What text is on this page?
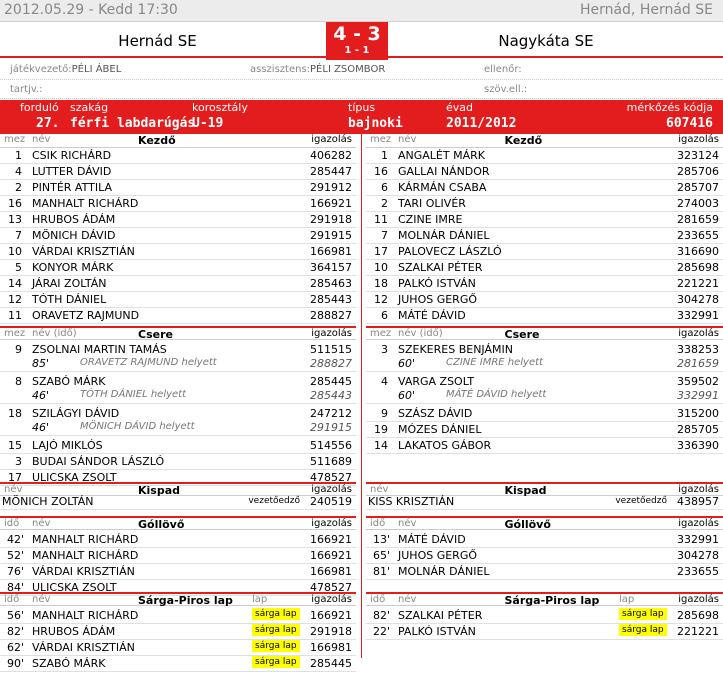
2012.05.29 - Kedd 17:30	Hernád, Hernád SE
Hernád SE	Nagykáta SE
4 - 3
1 - 1
játékvezető:PÉLI ÁBEL	asszisztens:PÉLI ZSOMBOR	ellenőr:
tartjv.:	szöv.ell.:
forduló
27.
szakág
férfi labdarúgás
korosztály
U-19
típus
bajnoki
évad
2011/2012
mérkőzés kódja
607416
mez név	Kezdő	igazolás
1 CSIK RICHÁRD	406282
4 LUTTER DÁVID	285447
2 PINTÉR ATTILA	291912
16 MANHALT RICHÁRD	166921
13 HRUBOS ÁDÁM	291918
7 MÖNICH DÁVID	291915
10 VÁRDAI KRISZTIÁN	166981
5 KONYOR MÁRK	364157
14 JÁRAI ZOLTÁN	285463
12 TÓTH DÁNIEL	285443
11 ORAVETZ RAJMUND	288827
mez név (idő)	Csere	igazolás
9 ZSOLNAI MARTIN TAMÁS	511515
85'	ORAVETZ RAJMUND helyett	288827
8 SZABÓ MÁRK	285445
46'	TÓTH DÁNIEL helyett	285443
18 SZILÁGYI DÁVID	247212
46'	MÖNICH DÁVID helyett	291915
15 LAJÓ MIKLÓS	514556
3 BUDAI SÁNDOR LÁSZLÓ	511689
17 ULICSKA ZSOLT	478527
név	Kispad	igazolás
MÖNICH ZOLTÁN	vezetőedző 240519
idő név	Góllövő	igazolás
42' MANHALT RICHÁRD	166921
52' MANHALT RICHÁRD	166921
76' VÁRDAI KRISZTIÁN	166981
84' ULICSKA ZSOLT	478527
idő név	Sárga-Piros lap lap	igazolás
56' MANHALT RICHÁRD	sárga lap 166921
82' HRUBOS ÁDÁM	sárga lap 291918
62' VÁRDAI KRISZTIÁN	sárga lap 166981
90' SZABÓ MÁRK	sárga lap 285445
mez név	Kezdő	igazolás
1 ANGALÉT MÁRK	323124
16 GALLAI NÁNDOR	285706
6 KÁRMÁN CSABA	285707
2 TARI OLIVÉR	274003
11 CZINE IMRE	281659
7 MOLNÁR DÁNIEL	233655
17 PALOVECZ LÁSZLÓ	316690
10 SZALKAI PÉTER	285698
18 PALKÓ ISTVÁN	221221
12 JUHOS GERGŐ	304278
6 MÁTÉ DÁVID	332991
mez név (idő)	Csere	igazolás
3 SZEKERES BENJÁMIN	338253
60'	CZINE IMRE helyett	281659
4 VARGA ZSOLT	359502
60'	MÁTÉ DÁVID helyett	332991
9 SZÁSZ DÁVID	315200
19 MÓZES DÁNIEL	285705
14 LAKATOS GÁBOR	336390
név	Kispad	igazolás
KISS KRISZTIÁN	vezetőedző 438957
idő név	Góllövő	igazolás
13' MÁTÉ DÁVID	332991
65' JUHOS GERGŐ	304278
81' MOLNÁR DÁNIEL	233655
idő név	Sárga-Piros lap lap	igazolás
82' SZALKAI PÉTER	sárga lap 285698
22' PALKÓ ISTVÁN	sárga lap 221221
